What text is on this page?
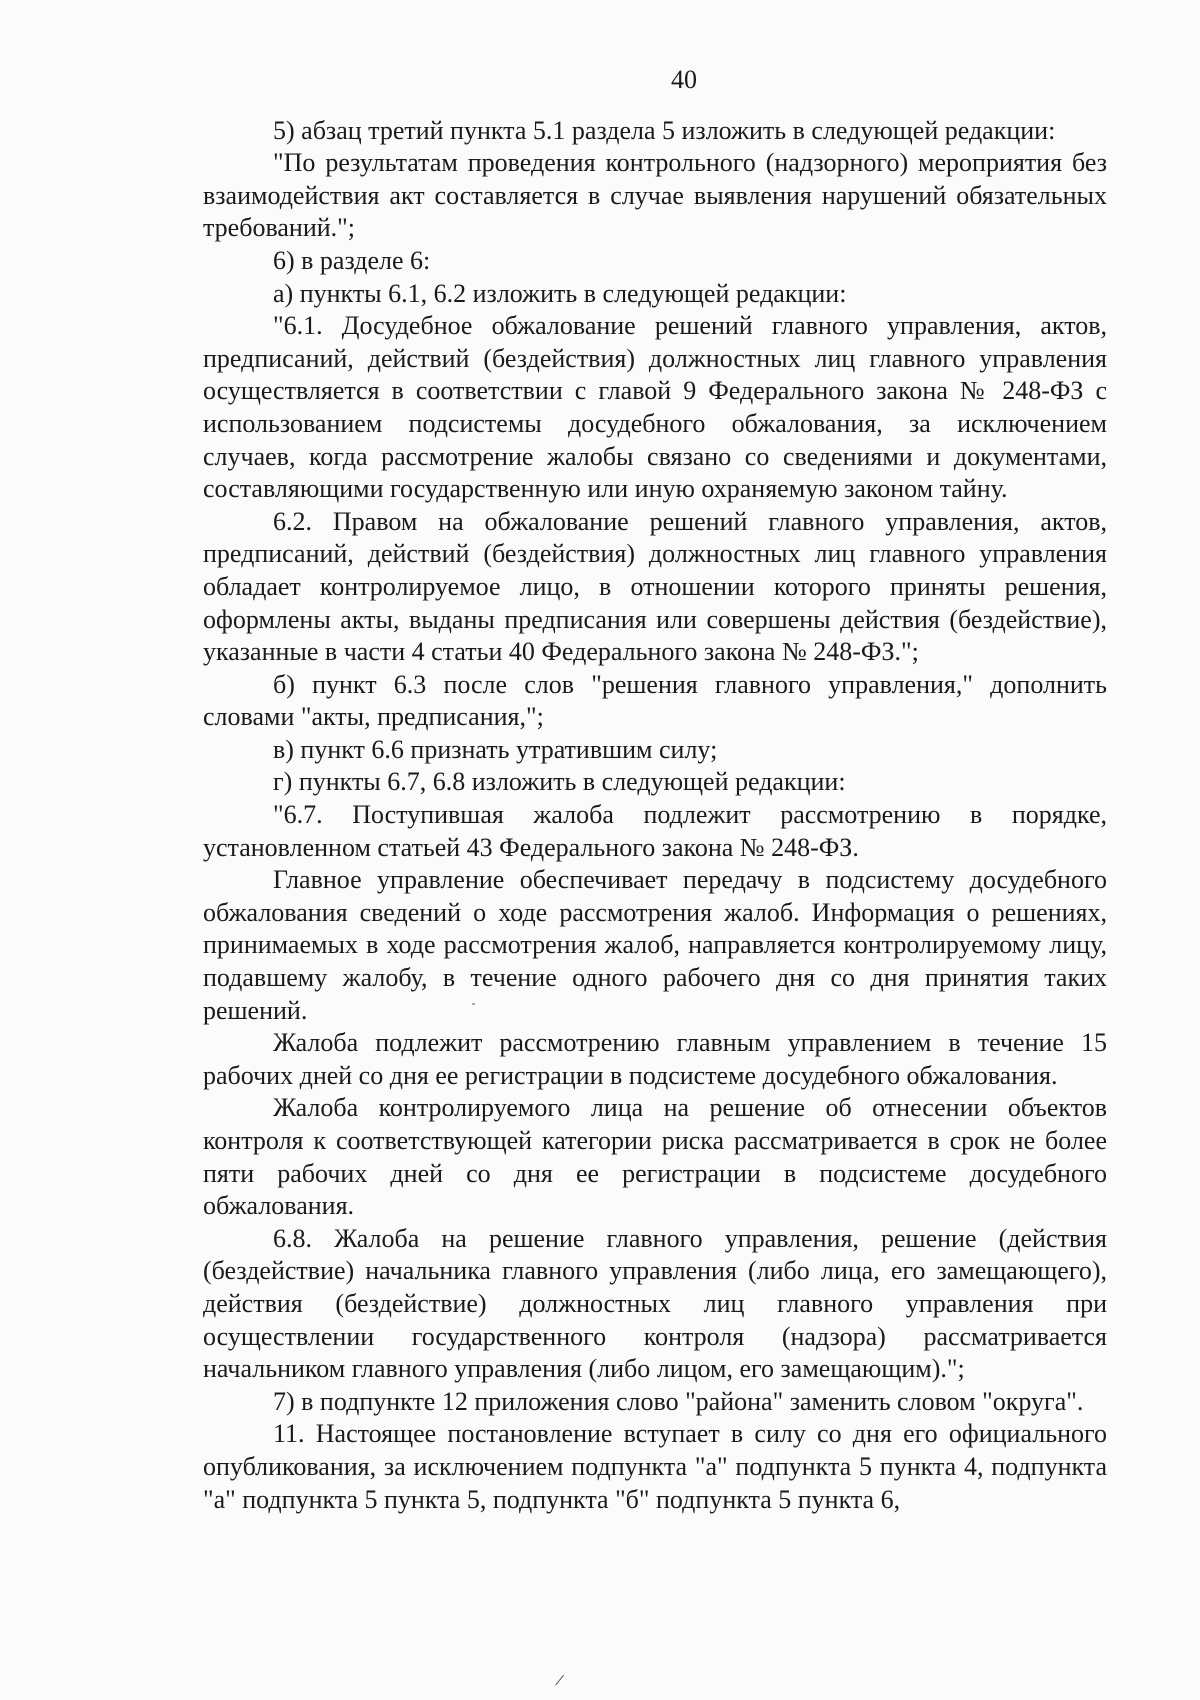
40

5) абзац третий пункта 5.1 раздела 5 изложить в следующей редакции:

"По результатам проведения контрольного (надзорного) мероприятия без взаимодействия акт составляется в случае выявления нарушений обязательных требований.";

6) в разделе 6:

а) пункты 6.1, 6.2 изложить в следующей редакции:

"6.1. Досудебное обжалование решений главного управления, актов, предписаний, действий (бездействия) должностных лиц главного управления осуществляется в соответствии с главой 9 Федерального закона № 248-ФЗ с использованием подсистемы досудебного обжалования, за исключением случаев, когда рассмотрение жалобы связано со сведениями и документами, составляющими государственную или иную охраняемую законом тайну.

6.2. Правом на обжалование решений главного управления, актов, предписаний, действий (бездействия) должностных лиц главного управления обладает контролируемое лицо, в отношении которого приняты решения, оформлены акты, выданы предписания или совершены действия (бездействие), указанные в части 4 статьи 40 Федерального закона № 248-ФЗ.";

б) пункт 6.3 после слов "решения главного управления," дополнить словами "акты, предписания,";

в) пункт 6.6 признать утратившим силу;

г) пункты 6.7, 6.8 изложить в следующей редакции:

"6.7. Поступившая жалоба подлежит рассмотрению в порядке, установленном статьей 43 Федерального закона № 248-ФЗ.

Главное управление обеспечивает передачу в подсистему досудебного обжалования сведений о ходе рассмотрения жалоб. Информация о решениях, принимаемых в ходе рассмотрения жалоб, направляется контролируемому лицу, подавшему жалобу, в течение одного рабочего дня со дня принятия таких решений.

Жалоба подлежит рассмотрению главным управлением в течение 15 рабочих дней со дня ее регистрации в подсистеме досудебного обжалования.

Жалоба контролируемого лица на решение об отнесении объектов контроля к соответствующей категории риска рассматривается в срок не более пяти рабочих дней со дня ее регистрации в подсистеме досудебного обжалования.

6.8. Жалоба на решение главного управления, решение (действия (бездействие) начальника главного управления (либо лица, его замещающего), действия (бездействие) должностных лиц главного управления при осуществлении государственного контроля (надзора) рассматривается начальником главного управления (либо лицом, его замещающим).";

7) в подпункте 12 приложения слово "района" заменить словом "округа".

11. Настоящее постановление вступает в силу со дня его официального опубликования, за исключением подпункта "а" подпункта 5 пункта 4, подпункта "а" подпункта 5 пункта 5, подпункта "б" подпункта 5 пункта 6,

/
